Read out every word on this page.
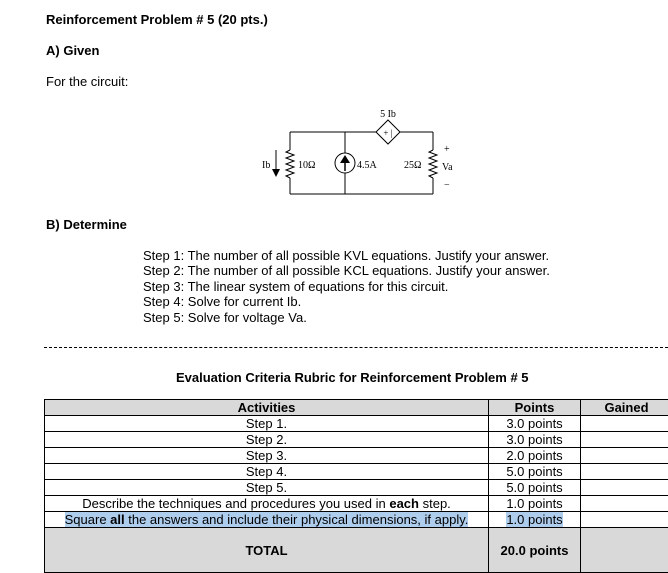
Reinforcement Problem # 5 (20 pts.)
A) Given
For the circuit:
5 Ib
+ |
Ib	10Ω	4.5A	25Ω Va
+
−
B) Determine
Step 1: The number of all possible KVL equations. Justify your answer.
Step 2: The number of all possible KCL equations. Justify your answer.
Step 3: The linear system of equations for this circuit.
Step 4: Solve for current Ib.
Step 5: Solve for voltage Va.
Evaluation Criteria Rubric for Reinforcement Problem # 5
Activities	Points	Gained
Step 1.	3.0 points	
Step 2.	3.0 points	
Step 3.	2.0 points	
Step 4.	5.0 points	
Step 5.	5.0 points	
Describe the techniques and procedures you used in each step.	1.0 points	
Square all the answers and include their physical dimensions, if apply.	1.0 points	
TOTAL	20.0 points	
